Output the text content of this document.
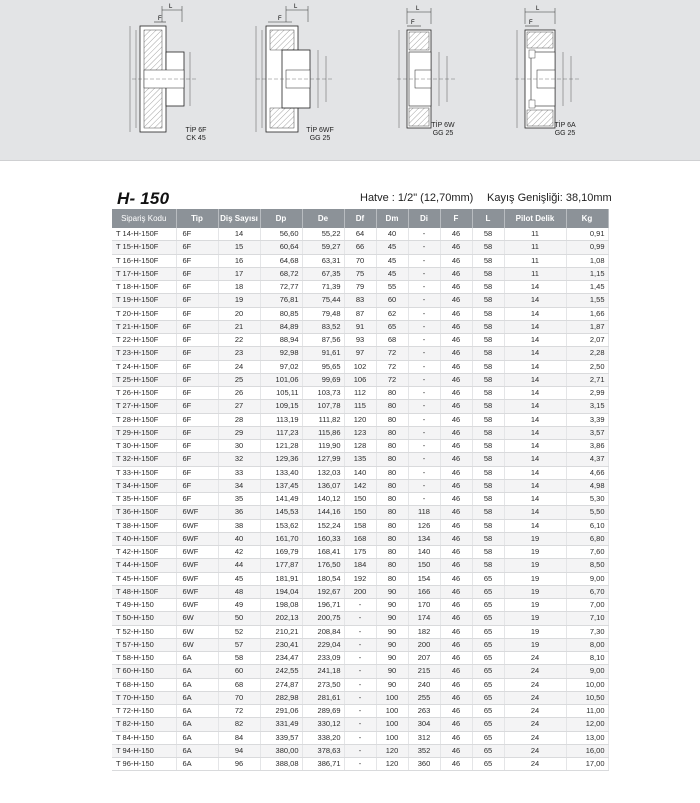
L
F
TİP 6F
CK 45
L
F
TİP 6WF
GG 25
L
F
TİP 6W
GG 25
L
F
TİP 6A
GG 25
H- 150	Hatve : 1/2" (12,70mm) Kayış Genişliği: 38,10mm
Sipariş Kodu	Tip	Diş Sayısı	Dp	De	Df	Dm	Di	F	L	Pilot Delik	Kg
T 14-H-150F	6F	14	56,60	55,22	64	40	-	46	58	11	0,91
T 15-H-150F	6F	15	60,64	59,27	66	45	-	46	58	11	0,99
T 16-H-150F	6F	16	64,68	63,31	70	45	-	46	58	11	1,08
T 17-H-150F	6F	17	68,72	67,35	75	45	-	46	58	11	1,15
T 18-H-150F	6F	18	72,77	71,39	79	55	-	46	58	14	1,45
T 19-H-150F	6F	19	76,81	75,44	83	60	-	46	58	14	1,55
T 20-H-150F	6F	20	80,85	79,48	87	62	-	46	58	14	1,66
T 21-H-150F	6F	21	84,89	83,52	91	65	-	46	58	14	1,87
T 22-H-150F	6F	22	88,94	87,56	93	68	-	46	58	14	2,07
T 23-H-150F	6F	23	92,98	91,61	97	72	-	46	58	14	2,28
T 24-H-150F	6F	24	97,02	95,65	102	72	-	46	58	14	2,50
T 25-H-150F	6F	25	101,06	99,69	106	72	-	46	58	14	2,71
T 26-H-150F	6F	26	105,11	103,73	112	80	-	46	58	14	2,99
T 27-H-150F	6F	27	109,15	107,78	115	80	-	46	58	14	3,15
T 28-H-150F	6F	28	113,19	111,82	120	80	-	46	58	14	3,39
T 29-H-150F	6F	29	117,23	115,86	123	80	-	46	58	14	3,57
T 30-H-150F	6F	30	121,28	119,90	128	80	-	46	58	14	3,86
T 32-H-150F	6F	32	129,36	127,99	135	80	-	46	58	14	4,37
T 33-H-150F	6F	33	133,40	132,03	140	80	-	46	58	14	4,66
T 34-H-150F	6F	34	137,45	136,07	142	80	-	46	58	14	4,98
T 35-H-150F	6F	35	141,49	140,12	150	80	-	46	58	14	5,30
T 36-H-150F	6WF	36	145,53	144,16	150	80	118	46	58	14	5,50
T 38-H-150F	6WF	38	153,62	152,24	158	80	126	46	58	14	6,10
T 40-H-150F	6WF	40	161,70	160,33	168	80	134	46	58	19	6,80
T 42-H-150F	6WF	42	169,79	168,41	175	80	140	46	58	19	7,60
T 44-H-150F	6WF	44	177,87	176,50	184	80	150	46	58	19	8,50
T 45-H-150F	6WF	45	181,91	180,54	192	80	154	46	65	19	9,00
T 48-H-150F	6WF	48	194,04	192,67	200	90	166	46	65	19	6,70
T 49-H-150	6WF	49	198,08	196,71	-	90	170	46	65	19	7,00
T 50-H-150	6W	50	202,13	200,75	-	90	174	46	65	19	7,10
T 52-H-150	6W	52	210,21	208,84	-	90	182	46	65	19	7,30
T 57-H-150	6W	57	230,41	229,04	-	90	200	46	65	19	8,00
T 58-H-150	6A	58	234,47	233,09	-	90	207	46	65	24	8,10
T 60-H-150	6A	60	242,55	241,18	-	90	215	46	65	24	9,00
T 68-H-150	6A	68	274,87	273,50	-	90	240	46	65	24	10,00
T 70-H-150	6A	70	282,98	281,61	-	100	255	46	65	24	10,50
T 72-H-150	6A	72	291,06	289,69	-	100	263	46	65	24	11,00
T 82-H-150	6A	82	331,49	330,12	-	100	304	46	65	24	12,00
T 84-H-150	6A	84	339,57	338,20	-	100	312	46	65	24	13,00
T 94-H-150	6A	94	380,00	378,63	-	120	352	46	65	24	16,00
T 96-H-150	6A	96	388,08	386,71	-	120	360	46	65	24	17,00
